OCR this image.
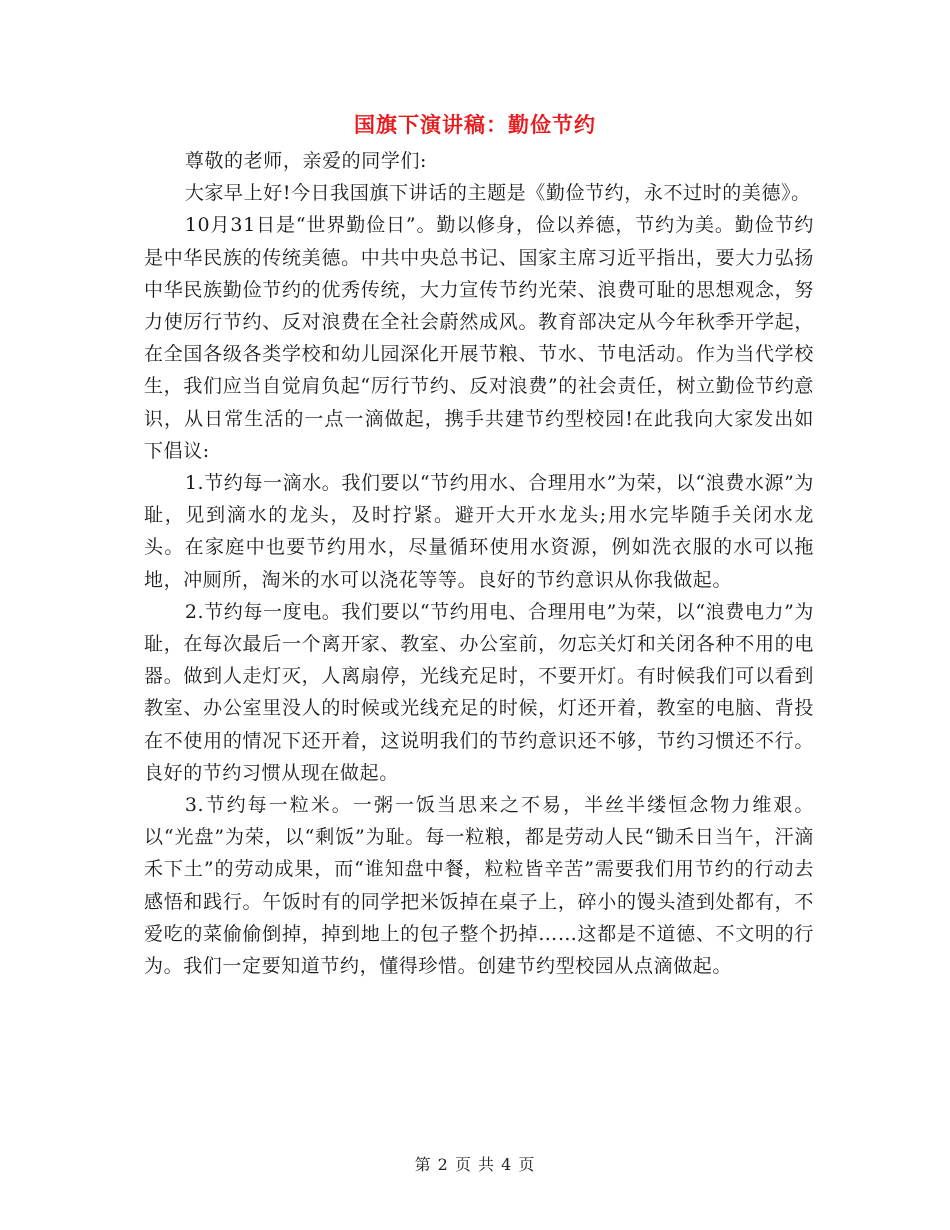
国旗下演讲稿：勤俭节约

尊敬的老师，亲爱的同学们:

大家早上好!今日我国旗下讲话的主题是《勤俭节约，永不过时的美德》。

10月31日是“世界勤俭日”。勤以修身，俭以养德，节约为美。勤俭节约是中华民族的传统美德。中共中央总书记、国家主席习近平指出，要大力弘扬中华民族勤俭节约的优秀传统，大力宣传节约光荣、浪费可耻的思想观念，努力使厉行节约、反对浪费在全社会蔚然成风。教育部决定从今年秋季开学起，在全国各级各类学校和幼儿园深化开展节粮、节水、节电活动。作为当代学校生，我们应当自觉肩负起“厉行节约、反对浪费”的社会责任，树立勤俭节约意识，从日常生活的一点一滴做起，携手共建节约型校园!在此我向大家发出如下倡议:

1.节约每一滴水。我们要以“节约用水、合理用水”为荣，以“浪费水源”为耻，见到滴水的龙头，及时拧紧。避开大开水龙头;用水完毕随手关闭水龙头。在家庭中也要节约用水，尽量循环使用水资源，例如洗衣服的水可以拖地，冲厕所，淘米的水可以浇花等等。良好的节约意识从你我做起。

2.节约每一度电。我们要以“节约用电、合理用电”为荣，以“浪费电力”为耻，在每次最后一个离开家、教室、办公室前，勿忘关灯和关闭各种不用的电器。做到人走灯灭，人离扇停，光线充足时，不要开灯。有时候我们可以看到教室、办公室里没人的时候或光线充足的时候，灯还开着，教室的电脑、背投在不使用的情况下还开着，这说明我们的节约意识还不够，节约习惯还不行。良好的节约习惯从现在做起。

3.节约每一粒米。一粥一饭当思来之不易，半丝半缕恒念物力维艰。以“光盘”为荣，以“剩饭”为耻。每一粒粮，都是劳动人民“锄禾日当午，汗滴禾下土”的劳动成果，而“谁知盘中餐，粒粒皆辛苦”需要我们用节约的行动去感悟和践行。午饭时有的同学把米饭掉在桌子上，碎小的馒头渣到处都有，不爱吃的菜偷偷倒掉，掉到地上的包子整个扔掉……这都是不道德、不文明的行为。我们一定要知道节约，懂得珍惜。创建节约型校园从点滴做起。

第 2 页 共 4 页
